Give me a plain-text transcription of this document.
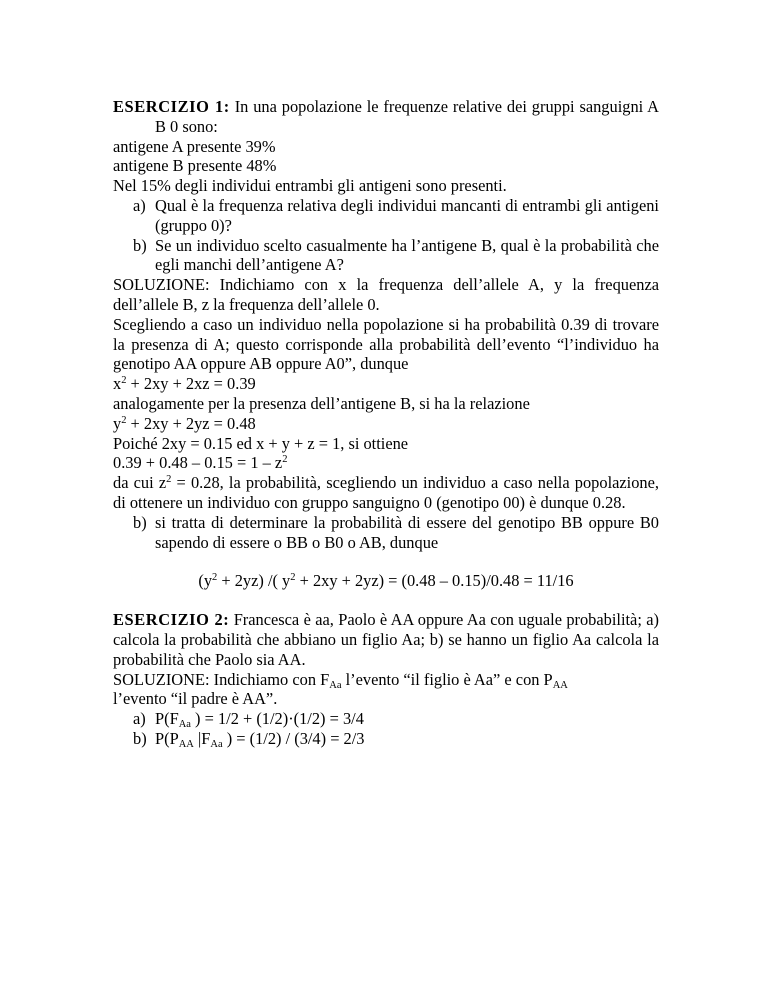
ESERCIZIO 1: In una popolazione le frequenze relative dei gruppi sanguigni A B 0 sono:

antigene A presente 39%

antigene B presente 48%

Nel 15% degli individui entrambi gli antigeni sono presenti.

a) Qual è la frequenza relativa degli individui mancanti di entrambi gli antigeni (gruppo 0)?
b) Se un individuo scelto casualmente ha l’antigene B, qual è la probabilità che egli manchi dell’antigene A?

SOLUZIONE: Indichiamo con x la frequenza dell’allele A, y la frequenza dell’allele B, z la frequenza dell’allele 0.

Scegliendo a caso un individuo nella popolazione si ha probabilità 0.39 di trovare la presenza di A; questo corrisponde alla probabilità dell’evento “l’individuo ha genotipo AA oppure AB oppure A0”, dunque

$x^2 + 2xy + 2xz = 0.39$

analogamente per la presenza dell’antigene B, si ha la relazione

$y^2 + 2xy + 2yz = 0.48$

Poiché 2xy = 0.15 ed x + y + z = 1, si ottiene

$0.39 + 0.48 - 0.15 = 1 - z^2$

da cui $z^2 = 0.28$, la probabilità, scegliendo un individuo a caso nella popolazione, di ottenere un individuo con gruppo sanguigno 0 (genotipo 00) è dunque 0.28.

b) si tratta di determinare la probabilità di essere del genotipo BB oppure B0 sapendo di essere o BB o B0 o AB, dunque

$(y^2 + 2yz)$ /( $y^2 + 2xy + 2yz) = (0.48 - 0.15)/0.48 = 11/16$

ESERCIZIO 2: Francesca è aa, Paolo è AA oppure Aa con uguale probabilità; a) calcola la probabilità che abbiano un figlio Aa; b) se hanno un figlio Aa calcola la probabilità che Paolo sia AA.

SOLUZIONE: Indichiamo con $F_{Aa}$ l’evento “il figlio è Aa” e con $P_{AA}$
l’evento “il padre è AA”.

a) $P(F_{Aa}$ ) = 1/2 + (1/2)·(1/2) = 3/4
b) $P(P_{AA}$ $|F_{Aa}$ ) = (1/2) / (3/4) = 2/3
